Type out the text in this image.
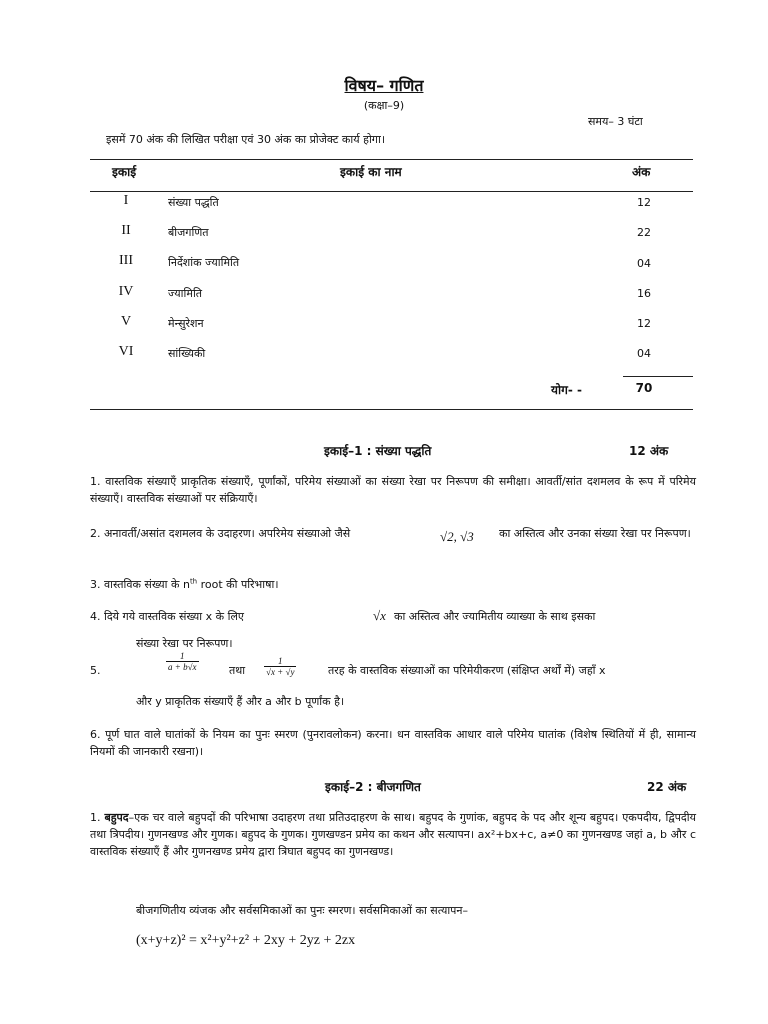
विषय– गणित
(कक्षा–9)
समय– 3 घंटा
इसमें 70 अंक की लिखित परीक्षा एवं 30 अंक का प्रोजेक्ट कार्य होगा।
इकाई	इकाई का नाम	अंक
I	संख्या पद्धति	12
II	बीजगणित	22
III	निर्देशांक ज्यामिति	04
IV	ज्यामिति	16
V	मेन्सुरेशन	12
VI	सांख्यिकी	04
योग- -	70
इकाई–1 : संख्या पद्धति	12 अंक
1. वास्तविक संख्याएँ प्राकृतिक संख्याएँ, पूर्णांकों, परिमेय संख्याओं का संख्या रेखा पर निरूपण की समीक्षा। आवर्ती/सांत दशमलव के रूप में परिमेय संख्याएँ। वास्तविक संख्याओं पर संक्रियाएँ।
2. अनावर्ती/असांत दशमलव के उदाहरण। अपरिमेय संख्याओ जैसे	√2, √3 का अस्तित्व और उनका संख्या रेखा पर निरूपण।
3. वास्तविक संख्या के $n^{th}$ root की परिभाषा।
4. दिये गये वास्तविक संख्या x के लिए	√x का अस्तित्व और ज्यामितीय व्याख्या के साथ इसका
संख्या रेखा पर निरूपण।
5.	$\frac{1}{a + b√x}$	तथा $\frac{1}{√x + √y}$	तरह के वास्तविक संख्याओं का परिमेयीकरण (संक्षिप्त अर्थों में) जहाँ x
और y प्राकृतिक संख्याएँ हैं और a और b पूर्णांक है।
6. पूर्ण घात वाले घातांकों के नियम का पुनः स्मरण (पुनरावलोकन) करना। धन वास्तविक आधार वाले परिमेय घातांक (विशेष स्थितियों में ही, सामान्य नियमों की जानकारी रखना)।
इकाई–2 : बीजगणित	22 अंक
1. बहुपद–एक चर वाले बहुपदों की परिभाषा उदाहरण तथा प्रतिउदाहरण के साथ। बहुपद के गुणांक, बहुपद के पद और शून्य बहुपद। एकपदीय, द्विपदीय तथा त्रिपदीय। गुणनखण्ड और गुणक। बहुपद के गुणक। गुणखण्डन प्रमेय का कथन और सत्यापन। ax²+bx+c, a≠0 का गुणनखण्ड जहां a, b और c वास्तविक संख्याएँ हैं और गुणनखण्ड प्रमेय द्वारा त्रिघात बहुपद का गुणनखण्ड।
बीजगणितीय व्यंजक और सर्वसमिकाओं का पुनः स्मरण। सर्वसमिकाओं का सत्यापन–
(x+y+z)² = x²+y²+z² + 2xy + 2yz + 2zx
